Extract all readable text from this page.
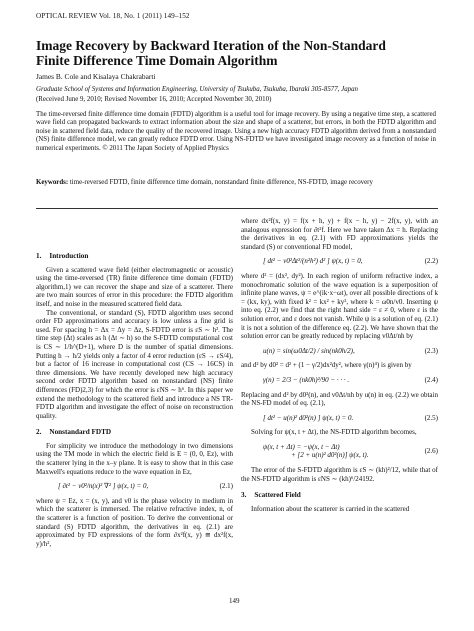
OPTICAL REVIEW Vol. 18, No. 1 (2011) 149–152
Image Recovery by Backward Iteration of the Non-Standard
Finite Difference Time Domain Algorithm
James B. Cole and Kisalaya Chakrabarti
Graduate School of Systems and Information Engineering, University of Tsukuba, Tsukuba, Ibaraki 305-8577, Japan
(Received June 9, 2010; Revised November 16, 2010; Accepted November 30, 2010)
The time-reversed finite difference time domain (FDTD) algorithm is a useful tool for image recovery. By using a negative time step, a scattered wave field can propagated backwards to extract information about the size and shape of a scatterer, but errors, in both the FDTD algorithm and noise in scattered field data, reduce the quality of the recovered image. Using a new high accuracy FDTD algorithm derived from a nonstandard (NS) finite difference model, we can greatly reduce FDTD error. Using NS-FDTD we have investigated image recovery as a function of noise in numerical experiments. © 2011 The Japan Society of Applied Physics
Keywords: time-reversed FDTD, finite difference time domain, nonstandard finite difference, NS-FDTD, image recovery
1. Introduction

Given a scattered wave field (either electromagnetic or acoustic) using the time-reversed (TR) finite difference time domain (FDTD) algorithm,1) we can recover the shape and size of a scatterer. There are two main sources of error in this procedure: the FDTD algorithm itself, and noise in the measured scattered field data.

The conventional, or standard (S), FDTD algorithm uses second order FD approximations and accuracy is low unless a fine grid is used. For spacing h = Δx = Δy = Δz, S-FDTD error is εS ∼ h². The time step (Δt) scales as h (Δt ∼ h) so the S-FDTD computational cost is CS ∼ 1/h^(D+1), where D is the number of spatial dimensions. Putting h → h/2 yields only a factor of 4 error reduction (εS → εS/4), but a factor of 16 increase in computational cost (CS → 16CS) in three dimensions. We have recently developed new high accuracy second order FDTD algorithm based on nonstandard (NS) finite differences (FD)2,3) for which the error is εNS ∼ h⁶. In this paper we extend the methodology to the scattered field and introduce a NS TR-FDTD algorithm and investigate the effect of noise on reconstruction quality.

2. Nonstandard FDTD

For simplicity we introduce the methodology in two dimensions using the TM mode in which the electric field is E = (0, 0, Ez), with the scatterer lying in the x–y plane. It is easy to show that in this case Maxwell's equations reduce to the wave equation in Ez,

[ ∂t² − v0²/n(x)² ∇² ] ψ(x, t) = 0,	(2.1)

where ψ = Ez, x = (x, y), and v0 is the phase velocity in medium in which the scatterer is immersed. The relative refractive index, n, of the scatterer is a function of position. To derive the conventional or standard (S) FDTD algorithm, the derivatives in eq. (2.1) are approximated by FD expressions of the form ∂x²f(x, y) ≅ dx²f(x, y)/h²,

where dx²f(x, y) = f(x + h, y) + f(x − h, y) − 2f(x, y), with an analogous expression for ∂t²f. Here we have taken Δx = h. Replacing the derivatives in eq. (2.1) with FD approximations yields the standard (S) or conventional FD model,

[ dt² − v0²Δt²/(n²h²) d² ] ψ(x, t) = 0,	(2.2)

where d² = (dx², dy²). In each region of uniform refractive index, a monochromatic solution of the wave equation is a superposition of infinite plane waves, ψ = e^(ik·x−ωt), over all possible directions of k = (kx, ky), with fixed k² = kx² + ky², where k = ω0n/v0. Inserting ψ into eq. (2.2) we find that the right hand side = ε ≠ 0, where ε is the solution error, and ε does not vanish. While ψ is a solution of eq. (2.1) it is not a solution of the difference eq. (2.2). We have shown that the solution error can be greatly reduced by replacing v0Δt/nh by

u(n) = sin(ω0Δt/2) / sin(nk0h/2),	(2.3)

and d² by d0² = d² + (1 − γ/2)dx²dy², where γ(n)⁴) is given by

γ(n) = 2/3 − (nk0h)²/90 − · · · .	(2.4)

Replacing and d² by d0²(n), and v0Δt/nh by u(n) in eq. (2.2) we obtain the NS-FD model of eq. (2.1),

[ dt² − u(n)² d0²(n) ] ψ(x, t) = 0.	(2.5)

Solving for ψ(x, t + Δt), the NS-FDTD algorithm becomes,

ψ(x, t + Δt) = −ψ(x, t − Δt)
+ [2 + u(n)² d0²(n)] ψ(x, t).
(2.6)

The error of the S-FDTD algorithm is εS ∼ (kh)²/12, while that of the NS-FDTD algorithm is εNS ∼ (kh)⁶/24192.

3. Scattered Field

Information about the scatterer is carried in the scattered

149
